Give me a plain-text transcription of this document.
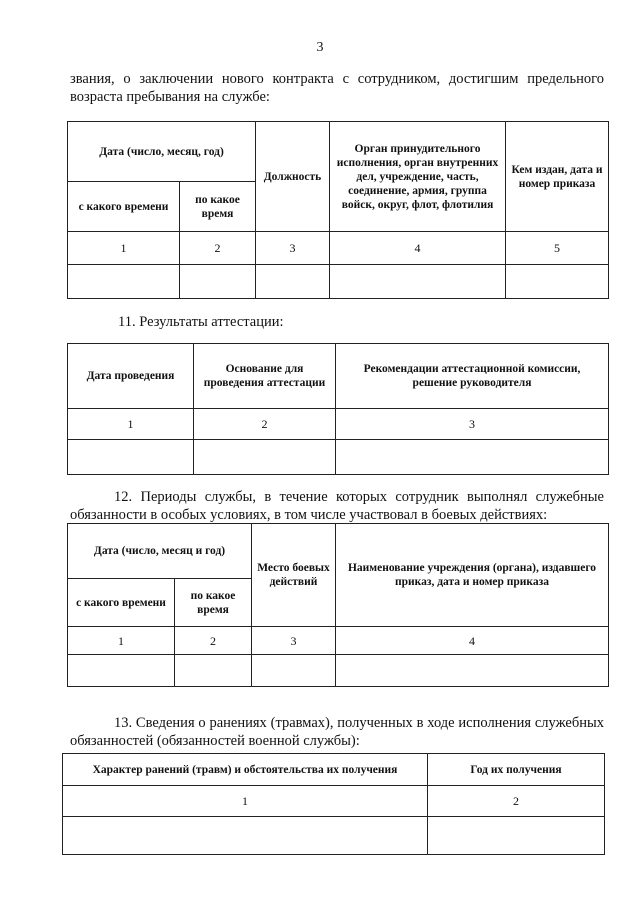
3
звания, о заключении нового контракта с сотрудником, достигшим предельного возраста пребывания на службе:
Дата (число, месяц, год)		Должность	Орган принудительного исполнения, орган внутренних дел, учреждение, часть, соединение, армия, группа войск, округ, флот, флотилия	Кем издан, дата и номер приказа
с какого времени	по какое время			
1	2	3	4	5

11. Результаты аттестации:
Дата проведения	Основание для проведения аттестации	Рекомендации аттестационной комиссии, решение руководителя
1	2	3

12. Периоды службы, в течение которых сотрудник выполнял служебные обязанности в особых условиях, в том числе участвовал в боевых действиях:
Дата (число, месяц и год)		Место боевых действий	Наименование учреждения (органа), издавшего приказ, дата и номер приказа
с какого времени	по какое время		
1	2	3	4

13. Сведения о ранениях (травмах), полученных в ходе исполнения служебных обязанностей (обязанностей военной службы):
Характер ранений (травм) и обстоятельства их получения	Год их получения
1	2
